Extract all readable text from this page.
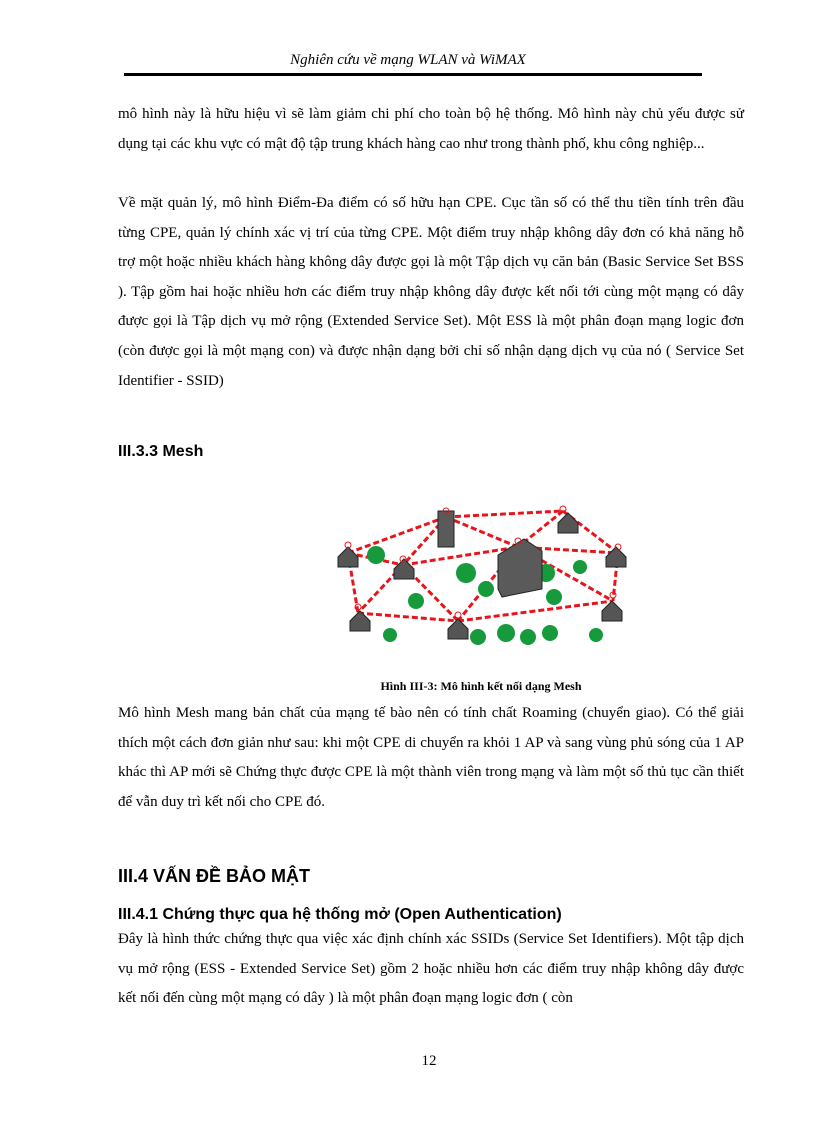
Nghiên cứu về mạng WLAN và WiMAX

mô hình này là hữu hiệu vì sẽ làm giảm chi phí cho toàn bộ hệ thống. Mô hình này chủ yếu được sử dụng tại các khu vực có mật độ tập trung khách hàng cao như trong thành phố, khu công nghiệp...

Về mặt quản lý, mô hình Điểm-Đa điểm có số hữu hạn CPE. Cục tần số có thể thu tiền tính trên đầu từng CPE, quản lý chính xác vị trí của từng CPE. Một điểm truy nhập không dây đơn có khả năng hỗ trợ một hoặc nhiều khách hàng không dây được gọi là một Tập dịch vụ căn bản (Basic Service Set BSS ). Tập gồm hai hoặc nhiều hơn các điểm truy nhập không dây được kết nối tới cùng một mạng có dây được gọi là Tập dịch vụ mở rộng (Extended Service Set). Một ESS là một phân đoạn mạng logic đơn (còn được gọi là một mạng con) và được nhận dạng bởi chỉ số nhận dạng dịch vụ của nó ( Service Set Identifier - SSID)

III.3.3 Mesh
Hình III-3: Mô hình kết nối dạng Mesh

Mô hình Mesh mang bản chất của mạng tế bào nên có tính chất Roaming (chuyển giao). Có thể giải thích một cách đơn giản như sau: khi một CPE di chuyển ra khỏi 1 AP và sang vùng phủ sóng của 1 AP khác thì AP mới sẽ Chứng thực được CPE là một thành viên trong mạng và làm một số thủ tục cần thiết để vẫn duy trì kết nối cho CPE đó.

III.4 VẤN ĐỀ BẢO MẬT
III.4.1 Chứng thực qua hệ thống mở (Open Authentication)

Đây là hình thức chứng thực qua việc xác định chính xác SSIDs (Service Set Identifiers). Một tập dịch vụ mở rộng (ESS - Extended Service Set) gồm 2 hoặc nhiều hơn các điểm truy nhập không dây được kết nối đến cùng một mạng có dây ) là một phân đoạn mạng logic đơn ( còn

12
